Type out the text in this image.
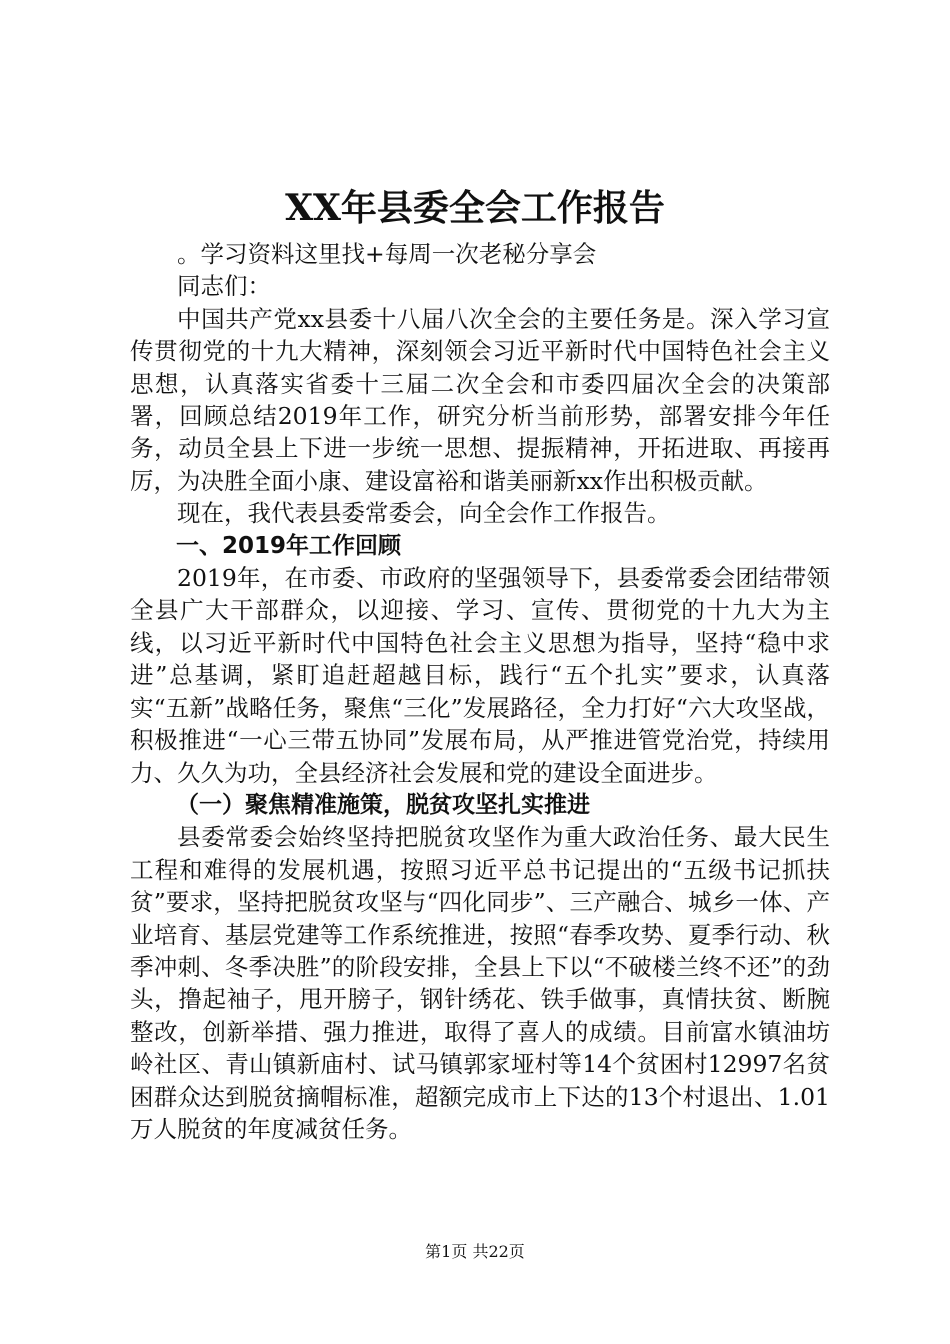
XX年县委全会工作报告

。学习资料这里找+每周一次老秘分享会

同志们：

中国共产党xx县委十八届八次全会的主要任务是。深入学习宣传贯彻党的十九大精神，深刻领会习近平新时代中国特色社会主义思想，认真落实省委十三届二次全会和市委四届次全会的决策部署，回顾总结2019年工作，研究分析当前形势，部署安排今年任务，动员全县上下进一步统一思想、提振精神，开拓进取、再接再厉，为决胜全面小康、建设富裕和谐美丽新xx作出积极贡献。

现在，我代表县委常委会，向全会作工作报告。

一、2019年工作回顾

2019年，在市委、市政府的坚强领导下，县委常委会团结带领全县广大干部群众，以迎接、学习、宣传、贯彻党的十九大为主线，以习近平新时代中国特色社会主义思想为指导，坚持“稳中求进”总基调，紧盯追赶超越目标，践行“五个扎实”要求，认真落实“五新”战略任务，聚焦“三化”发展路径，全力打好“六大攻坚战，积极推进“一心三带五协同”发展布局，从严推进管党治党，持续用力、久久为功，全县经济社会发展和党的建设全面进步。

（一）聚焦精准施策，脱贫攻坚扎实推进

县委常委会始终坚持把脱贫攻坚作为重大政治任务、最大民生工程和难得的发展机遇，按照习近平总书记提出的“五级书记抓扶贫”要求，坚持把脱贫攻坚与“四化同步”、三产融合、城乡一体、产业培育、基层党建等工作系统推进，按照“春季攻势、夏季行动、秋季冲刺、冬季决胜”的阶段安排，全县上下以“不破楼兰终不还”的劲头，撸起袖子，甩开膀子，钢针绣花、铁手做事，真情扶贫、断腕整改，创新举措、强力推进，取得了喜人的成绩。目前富水镇油坊岭社区、青山镇新庙村、试马镇郭家垭村等14个贫困村12997名贫困群众达到脱贫摘帽标准，超额完成市上下达的13个村退出、1.01万人脱贫的年度减贫任务。

第1页 共22页
